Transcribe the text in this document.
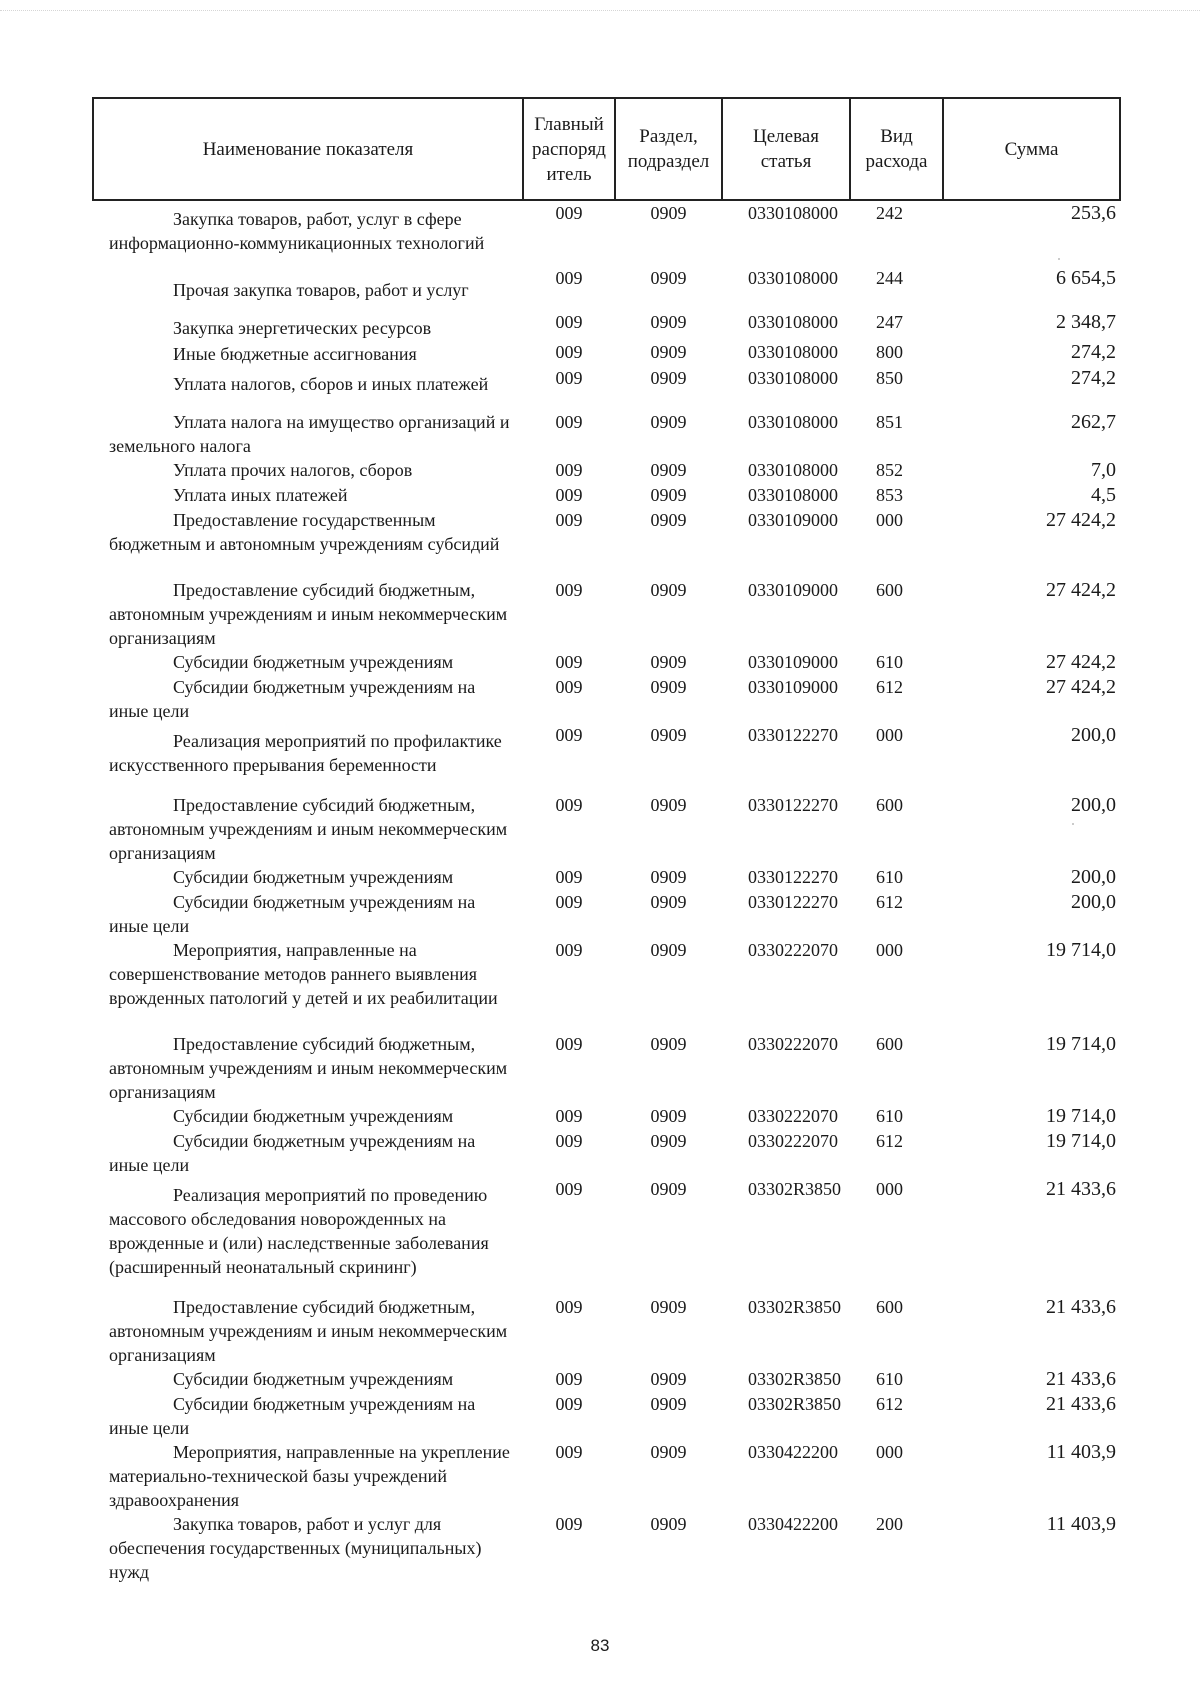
Наименование показателя	Главный распоряд итель	Раздел, подраздел	Целевая статья	Вид расхода	Сумма

Закупка товаров, работ, услуг в сфере информационно-коммуникационных технологий	009	0909	0330108000	242	253,6

Прочая закупка товаров, работ и услуг	009	0909	0330108000	244	6 654,5

Закупка энергетических ресурсов	009	0909	0330108000	247	2 348,7

Иные бюджетные ассигнования	009	0909	0330108000	800	274,2

Уплата налогов, сборов и иных платежей	009	0909	0330108000	850	274,2

Уплата налога на имущество организаций и земельного налога	009	0909	0330108000	851	262,7

Уплата прочих налогов, сборов	009	0909	0330108000	852	7,0

Уплата иных платежей	009	0909	0330108000	853	4,5

Предоставление государственным бюджетным и автономным учреждениям субсидий	009	0909	0330109000	000	27 424,2

Предоставление субсидий бюджетным, автономным учреждениям и иным некоммерческим организациям	009	0909	0330109000	600	27 424,2

Субсидии бюджетным учреждениям	009	0909	0330109000	610	27 424,2

Субсидии бюджетным учреждениям на иные цели	009	0909	0330109000	612	27 424,2

Реализация мероприятий по профилактике искусственного прерывания беременности	009	0909	0330122270	000	200,0

Предоставление субсидий бюджетным, автономным учреждениям и иным некоммерческим организациям	009	0909	0330122270	600	200,0

Субсидии бюджетным учреждениям	009	0909	0330122270	610	200,0

Субсидии бюджетным учреждениям на иные цели	009	0909	0330122270	612	200,0

Мероприятия, направленные на совершенствование методов раннего выявления врожденных патологий у детей и их реабилитации	009	0909	0330222070	000	19 714,0

Предоставление субсидий бюджетным, автономным учреждениям и иным некоммерческим организациям	009	0909	0330222070	600	19 714,0

Субсидии бюджетным учреждениям	009	0909	0330222070	610	19 714,0

Субсидии бюджетным учреждениям на иные цели	009	0909	0330222070	612	19 714,0

Реализация мероприятий по проведению массового обследования новорожденных на врожденные и (или) наследственные заболевания (расширенный неонатальный скрининг)	009	0909	03302R3850	000	21 433,6

Предоставление субсидий бюджетным, автономным учреждениям и иным некоммерческим организациям	009	0909	03302R3850	600	21 433,6

Субсидии бюджетным учреждениям	009	0909	03302R3850	610	21 433,6

Субсидии бюджетным учреждениям на иные цели	009	0909	03302R3850	612	21 433,6

Мероприятия, направленные на укрепление материально-технической базы учреждений здравоохранения	009	0909	0330422200	000	11 403,9

Закупка товаров, работ и услуг для обеспечения государственных (муниципальных) нужд	009	0909	0330422200	200	11 403,9
83
